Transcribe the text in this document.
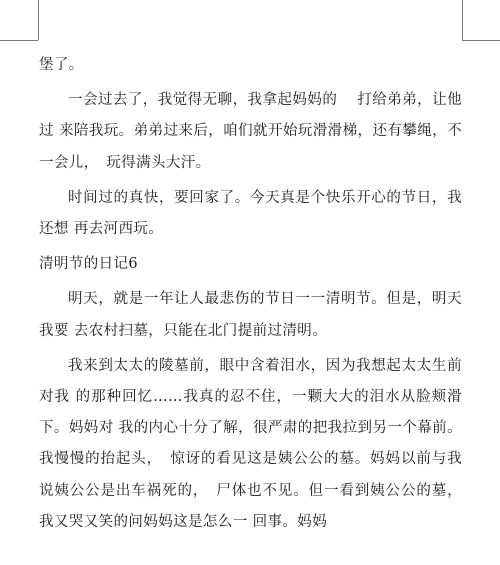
堡了。

一会过去了，我觉得无聊，我拿起妈妈的　 打给弟弟，让他过 来陪我玩。弟弟过来后，咱们就开始玩滑滑梯，还有攀绳，不一会儿，　玩得满头大汗。

时间过的真快，要回家了。今天真是个快乐开心的节日，我还想 再去河西玩。

清明节的日记6

明天，就是一年让人最悲伤的节日一一清明节。但是，明天我要 去农村扫墓，只能在北门提前过清明。

我来到太太的陵墓前，眼中含着泪水，因为我想起太太生前对我 的那种回忆……我真的忍不住，一颗大大的泪水从脸颊滑下。妈妈对 我的内心十分了解，很严肃的把我拉到另一个幕前。我慢慢的抬起头，　惊讶的看见这是姨公公的墓。妈妈以前与我说姨公公是出车祸死的，　尸体也不见。但一看到姨公公的墓，我又哭又笑的问妈妈这是怎么一 回事。妈妈
